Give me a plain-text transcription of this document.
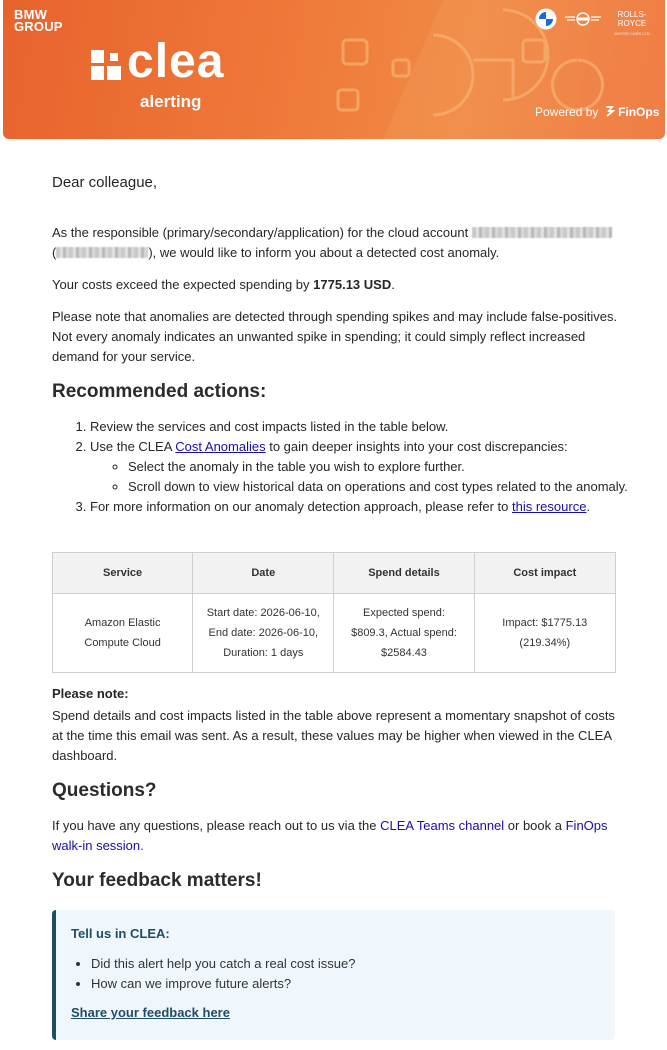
BMW
GROUP
clea
alerting
ROLLS-ROYCE
MOTOR CARS LTD
Powered by FinOps
Dear colleague,

As the responsible (primary/secondary/application) for the cloud account
(	), we would like to inform you about a detected cost anomaly.

Your costs exceed the expected spending by 1775.13 USD.

Please note that anomalies are detected through spending spikes and may include false-positives. Not every anomaly indicates an unwanted spike in spending; it could simply reflect increased demand for your service.

Recommended actions:
1. Review the services and cost impacts listed in the table below.
2. Use the CLEA Cost Anomalies to gain deeper insights into your cost discrepancies:
◦ Select the anomaly in the table you wish to explore further.
◦ Scroll down to view historical data on operations and cost types related to the anomaly.
3. For more information on our anomaly detection approach, please refer to this resource.
Service	Date	Spend details	Cost impact
Amazon Elastic
Compute Cloud	Start date: 2026-06-10,
End date: 2026-06-10,
Duration: 1 days	Expected spend:
$809.3, Actual spend:
$2584.43	Impact: $1775.13
(219.34%)
Please note:

Spend details and cost impacts listed in the table above represent a momentary snapshot of costs at the time this email was sent. As a result, these values may be higher when viewed in the CLEA dashboard.

Questions?

If you have any questions, please reach out to us via the CLEA Teams channel or book a FinOps walk-in session.

Your feedback matters!
Tell us in CLEA:
• Did this alert help you catch a real cost issue?
• How can we improve future alerts?
Share your feedback here
